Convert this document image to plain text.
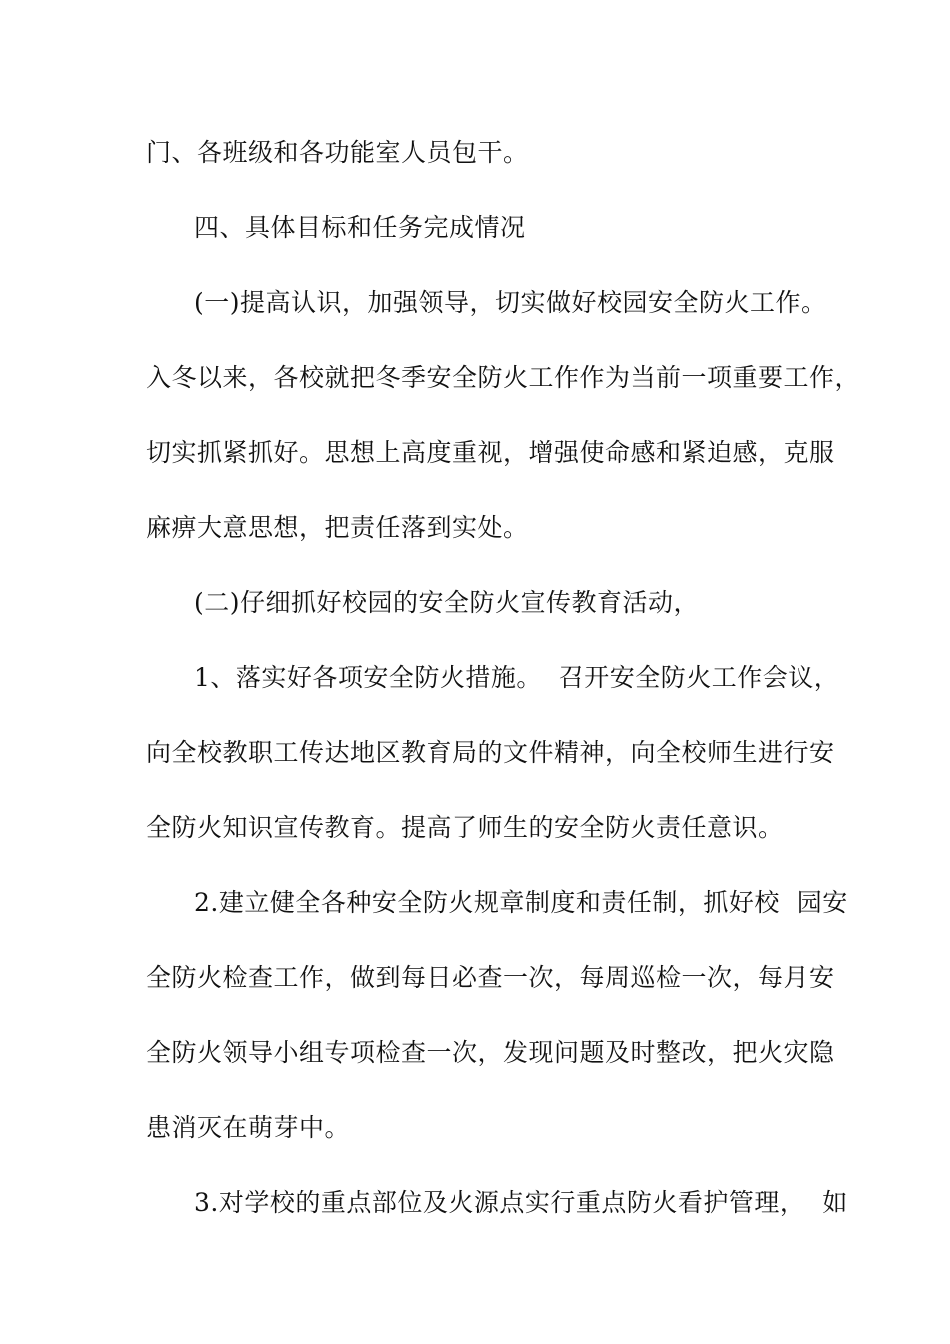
门、各班级和各功能室人员包干。
四、具体目标和任务完成情况
(一)提高认识，加强领导，切实做好校园安全防火工作。
入冬以来，各校就把冬季安全防火工作作为当前一项重要工作，
切实抓紧抓好。思想上高度重视，增强使命感和紧迫感，克服
麻痹大意思想，把责任落到实处。
(二)仔细抓好校园的安全防火宣传教育活动，
1、落实好各项安全防火措施。  召开安全防火工作会议，
向全校教职工传达地区教育局的文件精神，向全校师生进行安
全防火知识宣传教育。提高了师生的安全防火责任意识。
2.建立健全各种安全防火规章制度和责任制，抓好校  园安
全防火检查工作，做到每日必查一次，每周巡检一次，每月安
全防火领导小组专项检查一次，发现问题及时整改，把火灾隐
患消灭在萌芽中。
3.对学校的重点部位及火源点实行重点防火看护管理，  如
